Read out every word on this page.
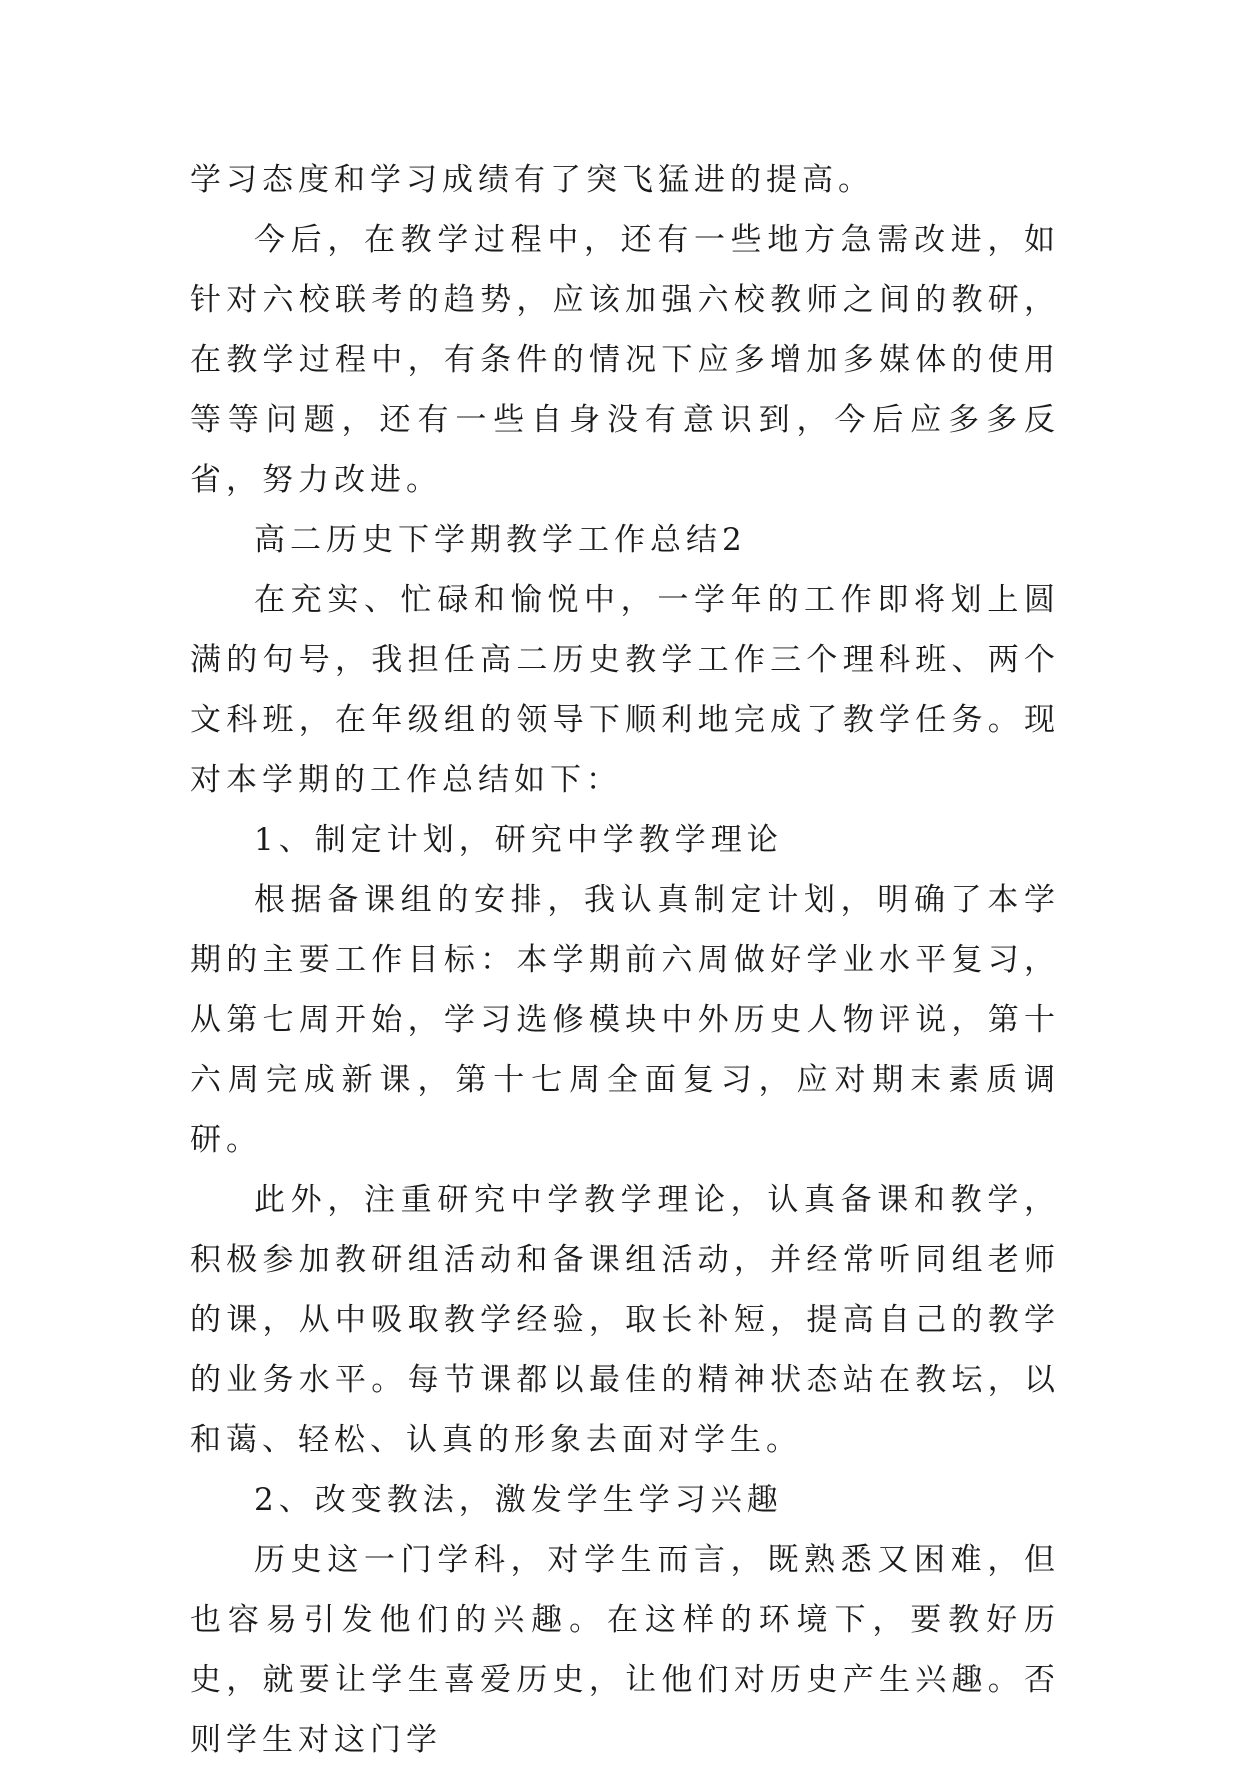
学习态度和学习成绩有了突飞猛进的提高。

今后，在教学过程中，还有一些地方急需改进，如针对六校联考的趋势，应该加强六校教师之间的教研，在教学过程中，有条件的情况下应多增加多媒体的使用等等问题，还有一些自身没有意识到，今后应多多反省，努力改进。

高二历史下学期教学工作总结2

在充实、忙碌和愉悦中，一学年的工作即将划上圆满的句号，我担任高二历史教学工作三个理科班、两个文科班，在年级组的领导下顺利地完成了教学任务。现对本学期的工作总结如下：

1、制定计划，研究中学教学理论

根据备课组的安排，我认真制定计划，明确了本学期的主要工作目标：本学期前六周做好学业水平复习，从第七周开始，学习选修模块中外历史人物评说，第十六周完成新课，第十七周全面复习，应对期末素质调研。

此外，注重研究中学教学理论，认真备课和教学，积极参加教研组活动和备课组活动，并经常听同组老师的课，从中吸取教学经验，取长补短，提高自己的教学的业务水平。每节课都以最佳的精神状态站在教坛，以和蔼、轻松、认真的形象去面对学生。

2、改变教法，激发学生学习兴趣

历史这一门学科，对学生而言，既熟悉又困难，但也容易引发他们的兴趣。在这样的环境下，要教好历史，就要让学生喜爱历史，让他们对历史产生兴趣。否则学生对这门学
